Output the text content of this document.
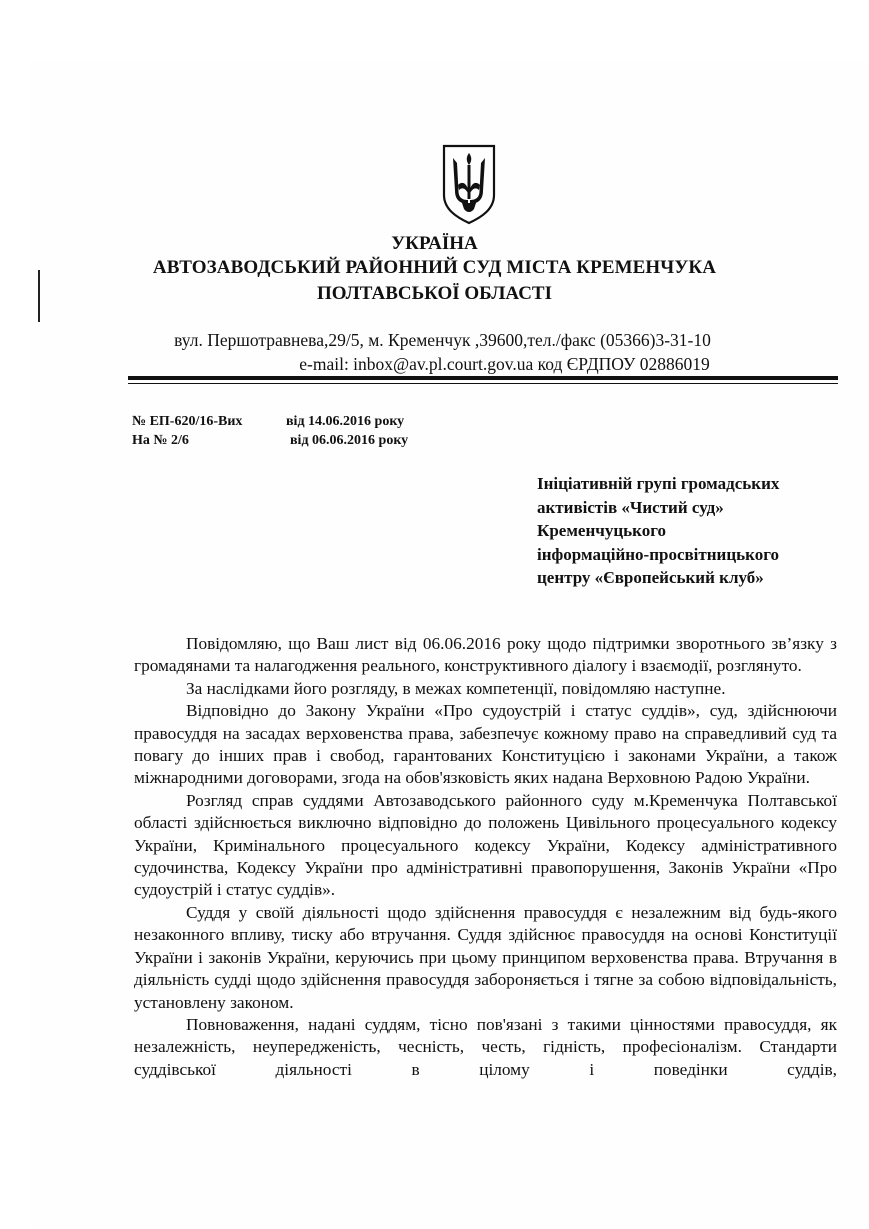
УКРАЇНА
АВТОЗАВОДСЬКИЙ РАЙОННИЙ СУД МІСТА КРЕМЕНЧУКА
ПОЛТАВСЬКОЇ ОБЛАСТІ
вул. Першотравнева,29/5, м. Кременчук ,39600,тел./факс (05366)3-31-10
e-mail: inbox@av.pl.court.gov.ua код ЄРДПОУ 02886019
№ ЕП-620/16-Вих	від 14.06.2016 року
На № 2/6	від 06.06.2016 року
Ініціативній групі громадських
активістів «Чистий суд»
Кременчуцького
інформаційно-просвітницького
центру «Європейський клуб»

Повідомляю, що Ваш лист від 06.06.2016 року щодо підтримки зворотнього зв’язку з громадянами та налагодження реального, конструктивного діалогу і взаємодії, розглянуто.

За наслідками його розгляду, в межах компетенції, повідомляю наступне.

Відповідно до Закону України «Про судоустрій і статус суддів», суд, здійснюючи правосуддя на засадах верховенства права, забезпечує кожному право на справедливий суд та повагу до інших прав і свобод, гарантованих Конституцією і законами України, а також міжнародними договорами, згода на обов'язковість яких надана Верховною Радою України.

Розгляд справ суддями Автозаводського районного суду м.Кременчука Полтавської області здійснюється виключно відповідно до положень Цивільного процесуального кодексу України, Кримінального процесуального кодексу України, Кодексу адміністративного судочинства, Кодексу України про адміністративні правопорушення, Законів України «Про судоустрій і статус суддів».

Суддя у своїй діяльності щодо здійснення правосуддя є незалежним від будь-якого незаконного впливу, тиску або втручання. Суддя здійснює правосуддя на основі Конституції України і законів України, керуючись при цьому принципом верховенства права. Втручання в діяльність судді щодо здійснення правосуддя забороняється і тягне за собою відповідальність, установлену законом.

Повноваження, надані суддям, тісно пов'язані з такими цінностями правосуддя, як незалежність, неупередженість, чесність, честь, гідність, професіоналізм. Стандарти суддівської діяльності в цілому і поведінки суддів,
